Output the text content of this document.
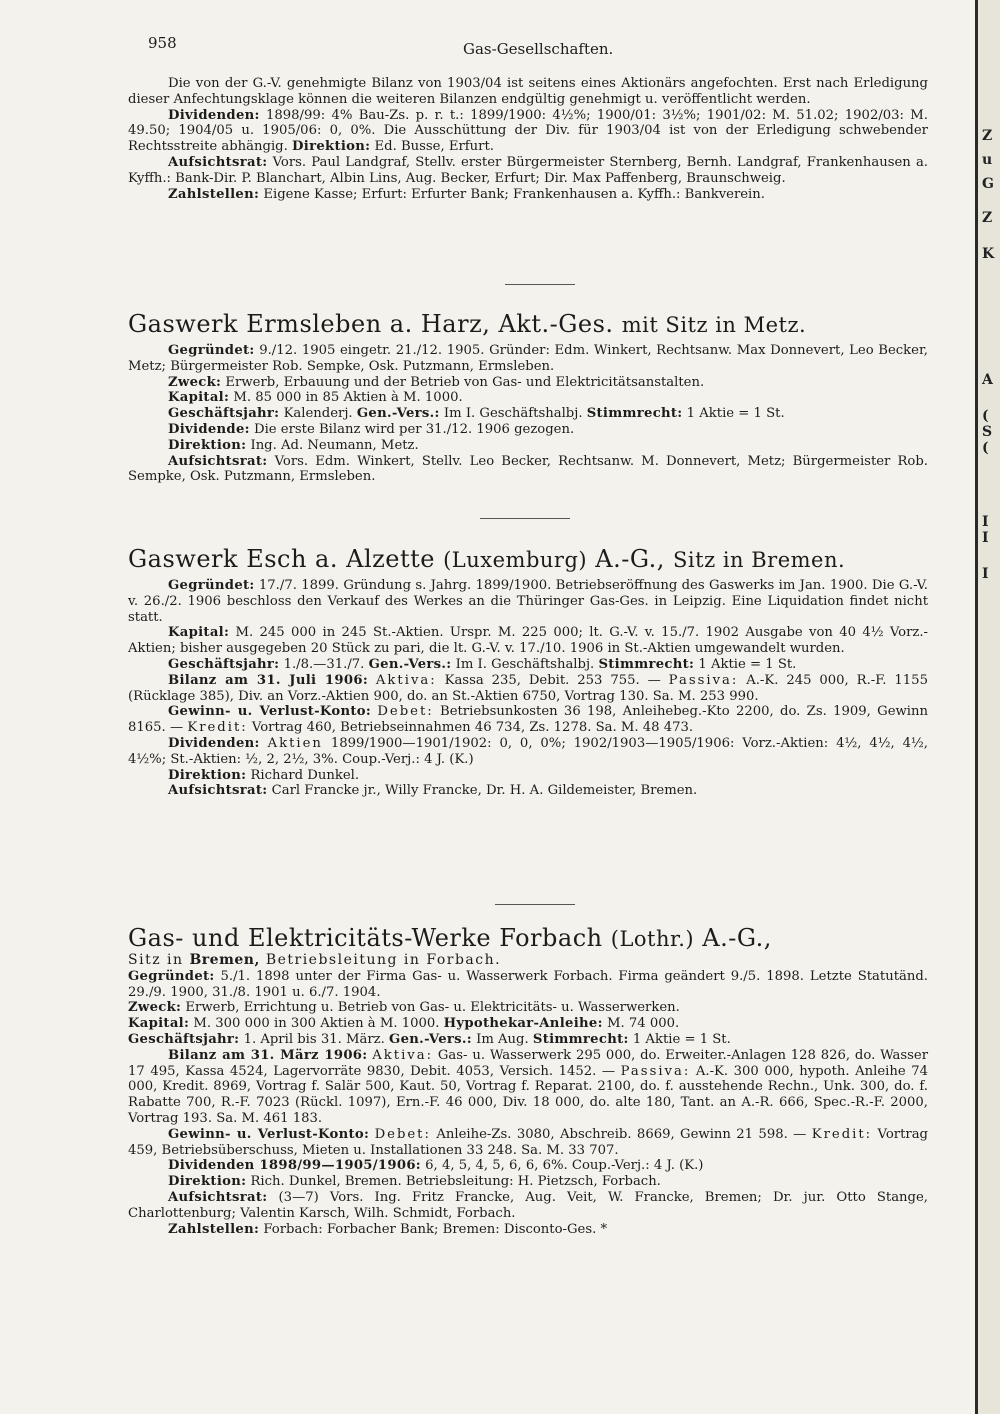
Z
u
G
Z
K
A
(
S
(
I
I
I
958	Gas-Gesellschaften.

Die von der G.-V. genehmigte Bilanz von 1903/04 ist seitens eines Aktionärs angefochten. Erst nach Erledigung dieser Anfechtungsklage können die weiteren Bilanzen endgültig genehmigt u. veröffentlicht werden.

Dividenden: 1898/99: 4% Bau-Zs. p. r. t.: 1899/1900: 4½%; 1900/01: 3½%; 1901/02: M. 51.02; 1902/03: M. 49.50; 1904/05 u. 1905/06: 0, 0%. Die Ausschüttung der Div. für 1903/04 ist von der Erledigung schwebender Rechtsstreite abhängig. Direktion: Ed. Busse, Erfurt.

Aufsichtsrat: Vors. Paul Landgraf, Stellv. erster Bürgermeister Sternberg, Bernh. Landgraf, Frankenhausen a. Kyffh.: Bank-Dir. P. Blanchart, Albin Lins, Aug. Becker, Erfurt; Dir. Max Paffenberg, Braunschweig.

Zahlstellen: Eigene Kasse; Erfurt: Erfurter Bank; Frankenhausen a. Kyffh.: Bankverein.

Gaswerk Ermsleben a. Harz, Akt.-Ges. mit Sitz in Metz.

Gegründet: 9./12. 1905 eingetr. 21./12. 1905. Gründer: Edm. Winkert, Rechtsanw. Max Donnevert, Leo Becker, Metz; Bürgermeister Rob. Sempke, Osk. Putzmann, Ermsleben.

Zweck: Erwerb, Erbauung und der Betrieb von Gas- und Elektricitätsanstalten.

Kapital: M. 85 000 in 85 Aktien à M. 1000.

Geschäftsjahr: Kalenderj. Gen.-Vers.: Im I. Geschäftshalbj. Stimmrecht: 1 Aktie = 1 St.

Dividende: Die erste Bilanz wird per 31./12. 1906 gezogen.

Direktion: Ing. Ad. Neumann, Metz.

Aufsichtsrat: Vors. Edm. Winkert, Stellv. Leo Becker, Rechtsanw. M. Donnevert, Metz; Bürgermeister Rob. Sempke, Osk. Putzmann, Ermsleben.

Gaswerk Esch a. Alzette (Luxemburg) A.-G., Sitz in Bremen.

Gegründet: 17./7. 1899. Gründung s. Jahrg. 1899/1900. Betriebseröffnung des Gaswerks im Jan. 1900. Die G.-V. v. 26./2. 1906 beschloss den Verkauf des Werkes an die Thüringer Gas-Ges. in Leipzig. Eine Liquidation findet nicht statt.

Kapital: M. 245 000 in 245 St.-Aktien. Urspr. M. 225 000; lt. G.-V. v. 15./7. 1902 Ausgabe von 40 4½ Vorz.-Aktien; bisher ausgegeben 20 Stück zu pari, die lt. G.-V. v. 17./10. 1906 in St.-Aktien umgewandelt wurden.

Geschäftsjahr: 1./8.—31./7. Gen.-Vers.: Im I. Geschäftshalbj. Stimmrecht: 1 Aktie = 1 St.

Bilanz am 31. Juli 1906: Aktiva: Kassa 235, Debit. 253 755. — Passiva: A.-K. 245 000, R.-F. 1155 (Rücklage 385), Div. an Vorz.-Aktien 900, do. an St.-Aktien 6750, Vortrag 130. Sa. M. 253 990.

Gewinn- u. Verlust-Konto: Debet: Betriebsunkosten 36 198, Anleihebeg.-Kto 2200, do. Zs. 1909, Gewinn 8165. — Kredit: Vortrag 460, Betriebseinnahmen 46 734, Zs. 1278. Sa. M. 48 473.

Dividenden: Aktien 1899/1900—1901/1902: 0, 0, 0%; 1902/1903—1905/1906: Vorz.-Aktien: 4½, 4½, 4½, 4½%; St.-Aktien: ½, 2, 2½, 3%. Coup.-Verj.: 4 J. (K.)

Direktion: Richard Dunkel.

Aufsichtsrat: Carl Francke jr., Willy Francke, Dr. H. A. Gildemeister, Bremen.

Gas- und Elektricitäts-Werke Forbach (Lothr.) A.-G.,

Sitz in Bremen, Betriebsleitung in Forbach.

Gegründet: 5./1. 1898 unter der Firma Gas- u. Wasserwerk Forbach. Firma geändert 9./5. 1898. Letzte Statutänd. 29./9. 1900, 31./8. 1901 u. 6./7. 1904.

Zweck: Erwerb, Errichtung u. Betrieb von Gas- u. Elektricitäts- u. Wasserwerken.

Kapital: M. 300 000 in 300 Aktien à M. 1000. Hypothekar-Anleihe: M. 74 000.

Geschäftsjahr: 1. April bis 31. März. Gen.-Vers.: Im Aug. Stimmrecht: 1 Aktie = 1 St.

Bilanz am 31. März 1906: Aktiva: Gas- u. Wasserwerk 295 000, do. Erweiter.-Anlagen 128 826, do. Wasser 17 495, Kassa 4524, Lagervorräte 9830, Debit. 4053, Versich. 1452. — Passiva: A.-K. 300 000, hypoth. Anleihe 74 000, Kredit. 8969, Vortrag f. Salär 500, Kaut. 50, Vortrag f. Reparat. 2100, do. f. ausstehende Rechn., Unk. 300, do. f. Rabatte 700, R.-F. 7023 (Rückl. 1097), Ern.-F. 46 000, Div. 18 000, do. alte 180, Tant. an A.-R. 666, Spec.-R.-F. 2000, Vortrag 193. Sa. M. 461 183.

Gewinn- u. Verlust-Konto: Debet: Anleihe-Zs. 3080, Abschreib. 8669, Gewinn 21 598. — Kredit: Vortrag 459, Betriebsüberschuss, Mieten u. Installationen 33 248. Sa. M. 33 707.

Dividenden 1898/99—1905/1906: 6, 4, 5, 4, 5, 6, 6, 6%. Coup.-Verj.: 4 J. (K.)

Direktion: Rich. Dunkel, Bremen. Betriebsleitung: H. Pietzsch, Forbach.

Aufsichtsrat: (3—7) Vors. Ing. Fritz Francke, Aug. Veit, W. Francke, Bremen; Dr. jur. Otto Stange, Charlottenburg; Valentin Karsch, Wilh. Schmidt, Forbach.

Zahlstellen: Forbach: Forbacher Bank; Bremen: Disconto-Ges. *
